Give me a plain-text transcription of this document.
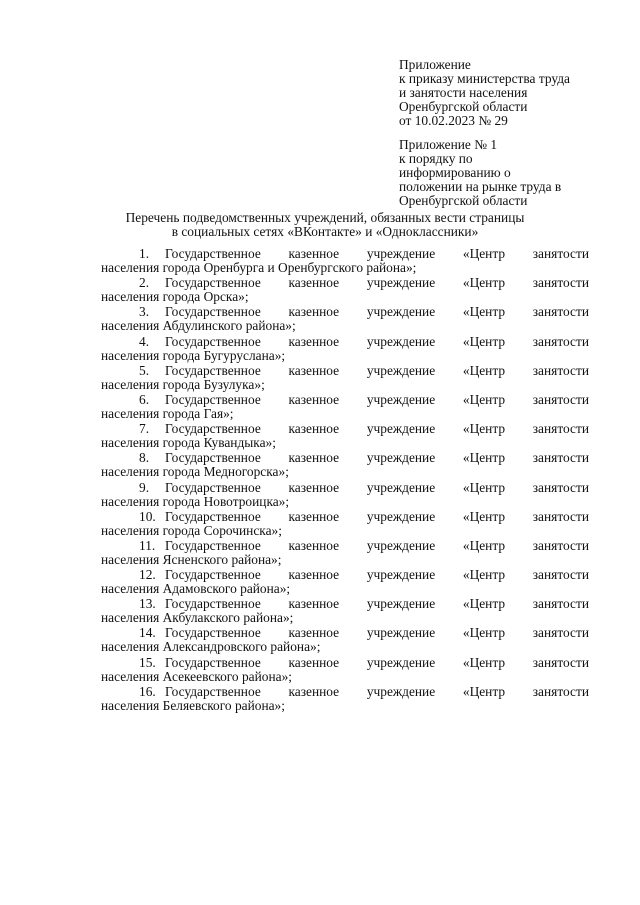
Приложение
к приказу министерства труда
и занятости населения
Оренбургской области
от 10.02.2023 № 29
Приложение № 1
к порядку по
информированию о
положении на рынке труда в
Оренбургской области
Перечень подведомственных учреждений, обязанных вести страницы
в социальных сетях «ВКонтакте» и «Одноклассники»
1. Государственное казенное учреждение «Центр занятости
населения города Оренбурга и Оренбургского района»;
2. Государственное казенное учреждение «Центр занятости
населения города Орска»;
3. Государственное казенное учреждение «Центр занятости
населения Абдулинского района»;
4. Государственное казенное учреждение «Центр занятости
населения города Бугуруслана»;
5. Государственное казенное учреждение «Центр занятости
населения города Бузулука»;
6. Государственное казенное учреждение «Центр занятости
населения города Гая»;
7. Государственное казенное учреждение «Центр занятости
населения города Кувандыка»;
8. Государственное казенное учреждение «Центр занятости
населения города Медногорска»;
9. Государственное казенное учреждение «Центр занятости
населения города Новотроицка»;
10. Государственное казенное учреждение «Центр занятости
населения города Сорочинска»;
11. Государственное казенное учреждение «Центр занятости
населения Ясненского района»;
12. Государственное казенное учреждение «Центр занятости
населения Адамовского района»;
13. Государственное казенное учреждение «Центр занятости
населения Акбулакского района»;
14. Государственное казенное учреждение «Центр занятости
населения Александровского района»;
15. Государственное казенное учреждение «Центр занятости
населения Асекеевского района»;
16. Государственное казенное учреждение «Центр занятости
населения Беляевского района»;
